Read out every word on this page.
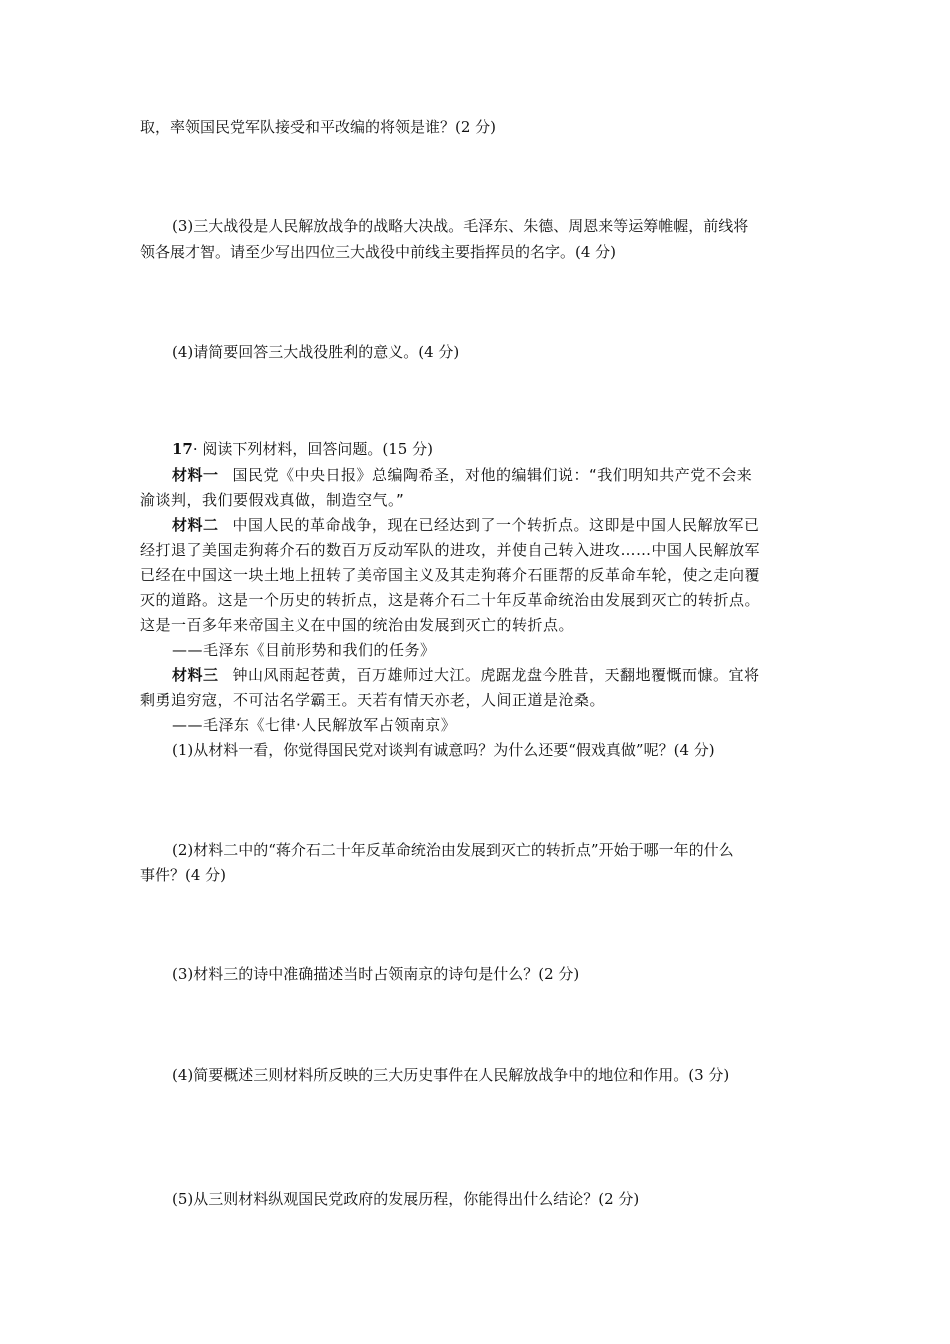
取，率领国民党军队接受和平改编的将领是谁？(2 分)
(3)三大战役是人民解放战争的战略大决战。毛泽东、朱德、周恩来等运筹帷幄，前线将
领各展才智。请至少写出四位三大战役中前线主要指挥员的名字。(4 分)
(4)请简要回答三大战役胜利的意义。(4 分)
17· 阅读下列材料，回答问题。(15 分)
材料一 国民党《中央日报》总编陶希圣，对他的编辑们说：“我们明知共产党不会来
渝谈判，我们要假戏真做，制造空气。”
材料二 中国人民的革命战争，现在已经达到了一个转折点。这即是中国人民解放军已
经打退了美国走狗蒋介石的数百万反动军队的进攻，并使自己转入进攻……中国人民解放军
已经在中国这一块土地上扭转了美帝国主义及其走狗蒋介石匪帮的反革命车轮，使之走向覆
灭的道路。这是一个历史的转折点，这是蒋介石二十年反革命统治由发展到灭亡的转折点。
这是一百多年来帝国主义在中国的统治由发展到灭亡的转折点。
——毛泽东《目前形势和我们的任务》
材料三 钟山风雨起苍黄，百万雄师过大江。虎踞龙盘今胜昔，天翻地覆慨而慷。宜将
剩勇追穷寇，不可沽名学霸王。天若有情天亦老，人间正道是沧桑。
——毛泽东《七律·人民解放军占领南京》
(1)从材料一看，你觉得国民党对谈判有诚意吗？为什么还要“假戏真做”呢？(4 分)
(2)材料二中的“蒋介石二十年反革命统治由发展到灭亡的转折点”开始于哪一年的什么
事件？(4 分)
(3)材料三的诗中准确描述当时占领南京的诗句是什么？(2 分)
(4)简要概述三则材料所反映的三大历史事件在人民解放战争中的地位和作用。(3 分)
(5)从三则材料纵观国民党政府的发展历程，你能得出什么结论？(2 分)
